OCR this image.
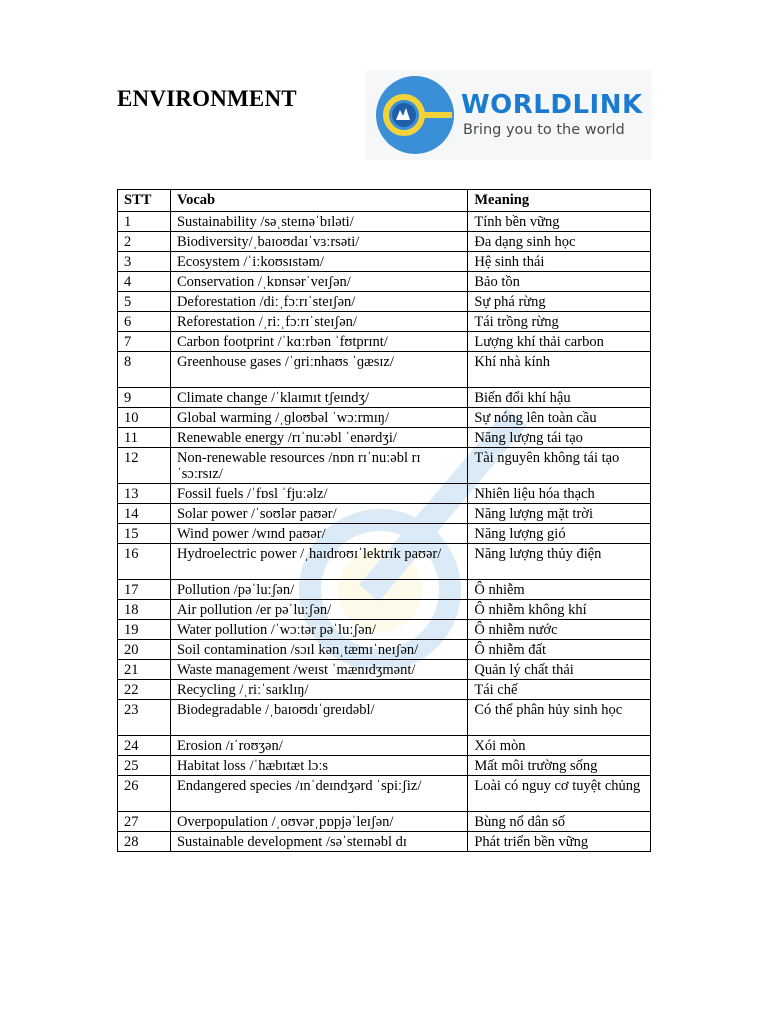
ENVIRONMENT	WORLDLINK
Bring you to the world
STT	Vocab	Meaning
1	Sustainability /səˌsteɪnəˈbɪləti/	Tính bền vững
2	Biodiversity/ˌbaɪoʊdaɪˈvɜːrsəti/	Đa dạng sinh học
3	Ecosystem /ˈiːkoʊsɪstəm/	Hệ sinh thái
4	Conservation /ˌkɒnsərˈveɪʃən/	Bảo tồn
5	Deforestation /diːˌfɔːrɪˈsteɪʃən/	Sự phá rừng
6	Reforestation /ˌriːˌfɔːrɪˈsteɪʃən/	Tái trồng rừng
7	Carbon footprint /ˈkɑːrbən ˈfʊtprɪnt/	Lượng khí thải carbon
8	Greenhouse gases /ˈɡriːnhaʊs ˈɡæsɪz/	Khí nhà kính
9	Climate change /ˈklaɪmɪt tʃeɪndʒ/	Biến đổi khí hậu
10	Global warming /ˌɡloʊbəl ˈwɔːrmɪŋ/	Sự nóng lên toàn cầu
11	Renewable energy /rɪˈnuːəbl ˈenərdʒi/	Năng lượng tái tạo
12	Non-renewable resources /nɒn rɪˈnuːəbl rɪ ˈsɔːrsɪz/	Tài nguyên không tái tạo
13	Fossil fuels /ˈfɒsl ˈfjuːəlz/	Nhiên liệu hóa thạch
14	Solar power /ˈsoʊlər paʊər/	Năng lượng mặt trời
15	Wind power /wɪnd paʊər/	Năng lượng gió
16	Hydroelectric power /ˌhaɪdroʊɪˈlektrɪk paʊər/	Năng lượng thủy điện
17	Pollution /pəˈluːʃən/	Ô nhiễm
18	Air pollution /er pəˈluːʃən/	Ô nhiễm không khí
19	Water pollution /ˈwɔːtər pəˈluːʃən/	Ô nhiễm nước
20	Soil contamination /sɔɪl kənˌtæmɪˈneɪʃən/	Ô nhiễm đất
21	Waste management /weɪst ˈmænɪdʒmənt/	Quản lý chất thải
22	Recycling /ˌriːˈsaɪklɪŋ/	Tái chế
23	Biodegradable /ˌbaɪoʊdɪˈɡreɪdəbl/	Có thể phân hủy sinh học
24	Erosion /ɪˈroʊʒən/	Xói mòn
25	Habitat loss /ˈhæbɪtæt lɔːs	Mất môi trường sống
26	Endangered species /ɪnˈdeɪndʒərd ˈspiːʃiz/	Loài có nguy cơ tuyệt chủng
27	Overpopulation /ˌoʊvərˌpɒpjəˈleɪʃən/	Bùng nổ dân số
28	Sustainable development /səˈsteɪnəbl dɪ	Phát triển bền vững
